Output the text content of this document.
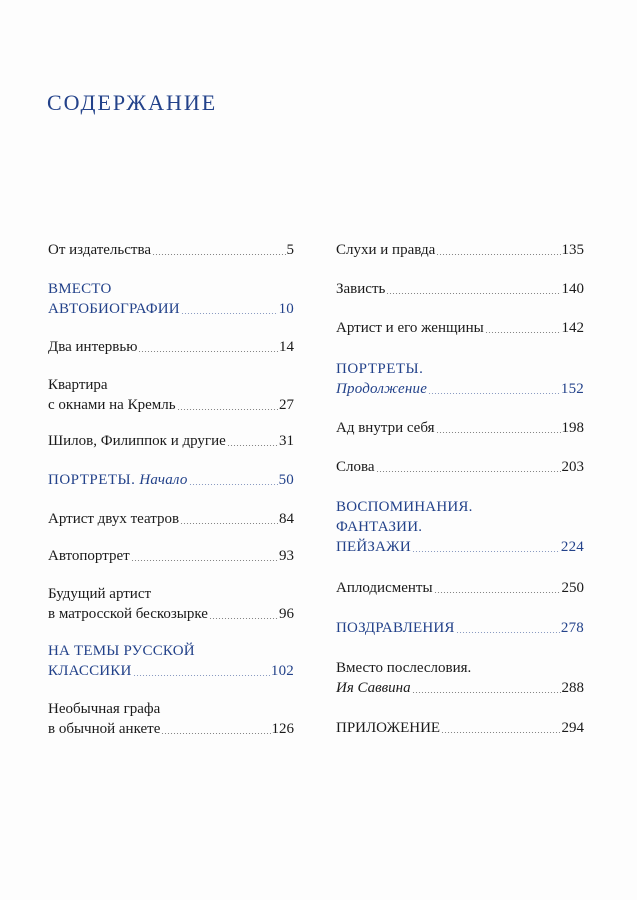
СОДЕРЖАНИЕ
От издательства	5
ВМЕСТО
АВТОБИОГРАФИИ	10
Два интервью	14
Квартира
с окнами на Кремль	27
Шилов, Филиппок и другие	31
ПОРТРЕТЫ.
Начало	50
Артист двух театров	84
Автопортрет	93
Будущий артист
в матросской бескозырке	96
НА ТЕМЫ РУССКОЙ
КЛАССИКИ	102
Необычная графа
в обычной анкете	126
Слухи и правда	135
Зависть	140
Артист и его женщины	142
ПОРТРЕТЫ.
Продолжение	152
Ад внутри себя	198
Слова	203
ВОСПОМИНАНИЯ.
ФАНТАЗИИ.
ПЕЙЗАЖИ	224
Аплодисменты	250
ПОЗДРАВЛЕНИЯ	278
Вместо послесловия.
Ия Саввина	288
ПРИЛОЖЕНИЕ	294
